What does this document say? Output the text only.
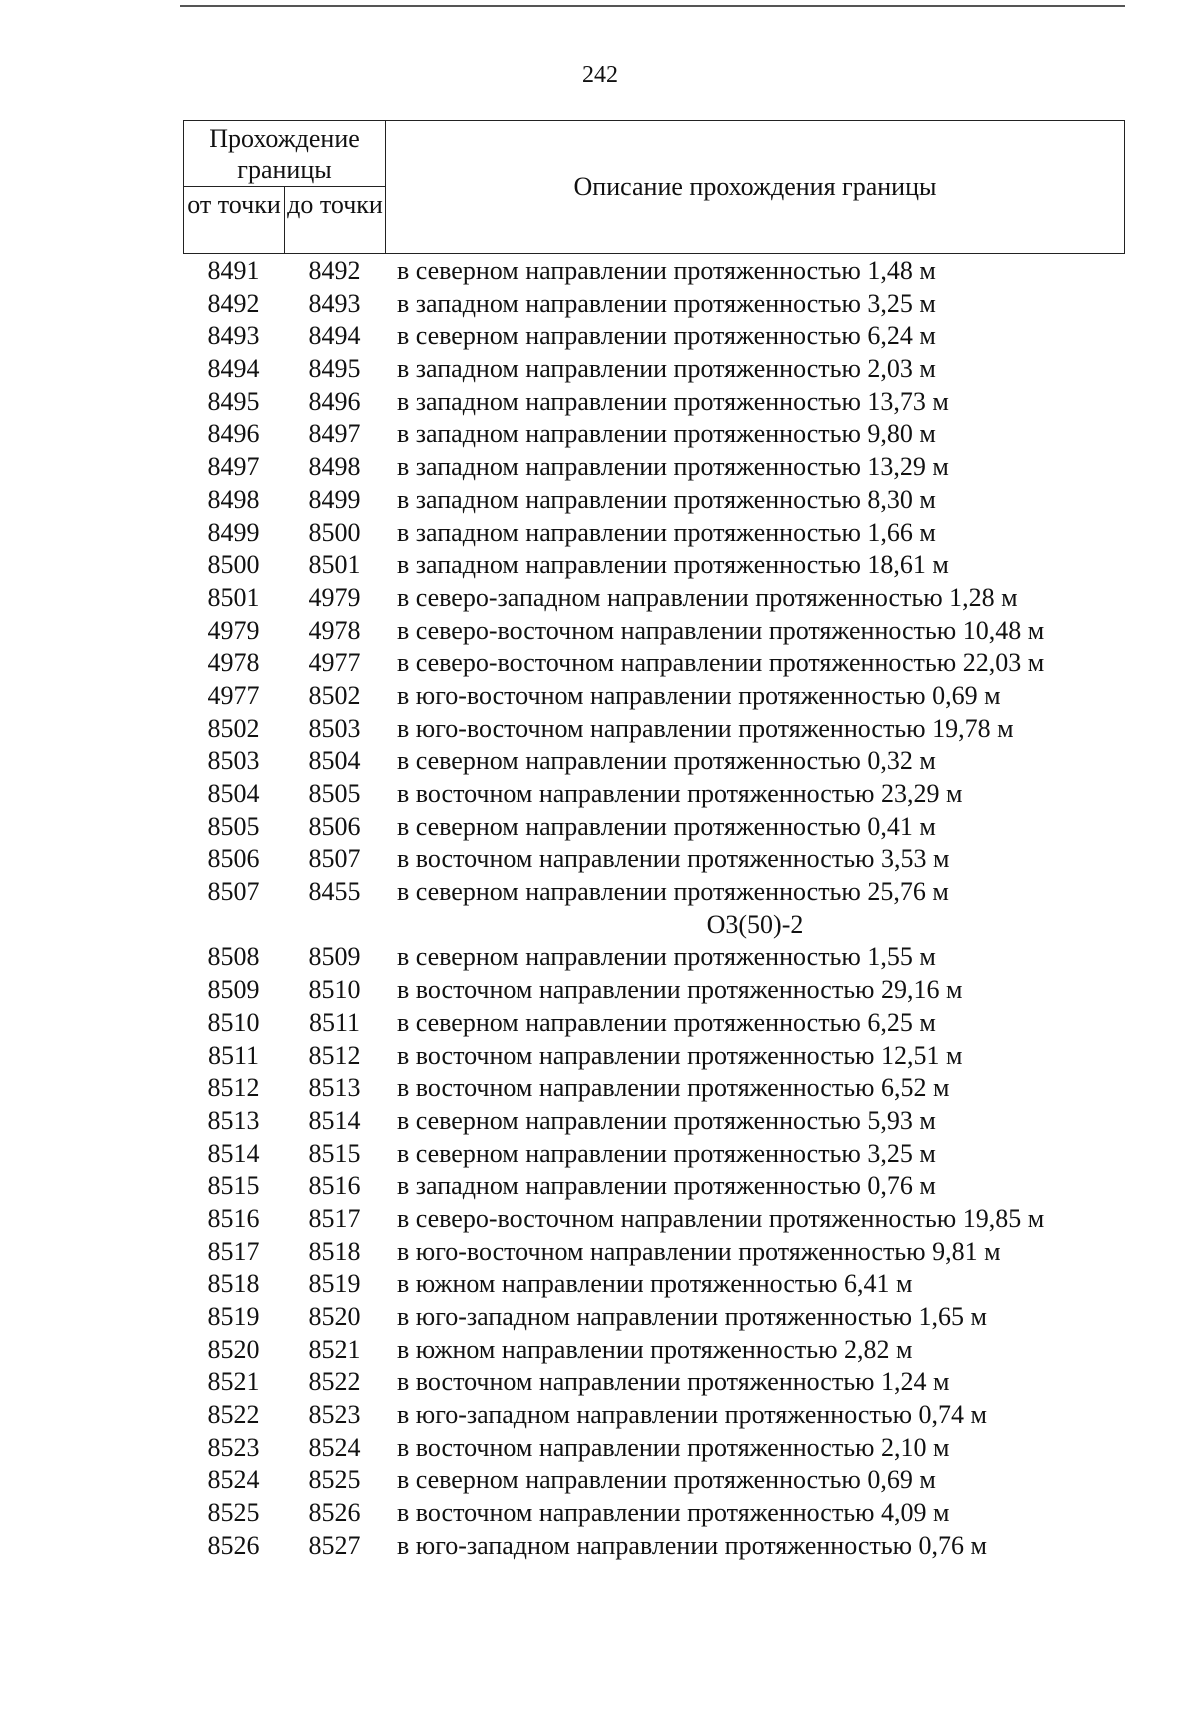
242
Прохождение границы
от точки до точки
Описание прохождения границы
8491	8492	в северном направлении протяженностью 1,48 м
8492	8493	в западном направлении протяженностью 3,25 м
8493	8494	в северном направлении протяженностью 6,24 м
8494	8495	в западном направлении протяженностью 2,03 м
8495	8496	в западном направлении протяженностью 13,73 м
8496	8497	в западном направлении протяженностью 9,80 м
8497	8498	в западном направлении протяженностью 13,29 м
8498	8499	в западном направлении протяженностью 8,30 м
8499	8500	в западном направлении протяженностью 1,66 м
8500	8501	в западном направлении протяженностью 18,61 м
8501	4979	в северо-западном направлении протяженностью 1,28 м
4979	4978	в северо-восточном направлении протяженностью 10,48 м
4978	4977	в северо-восточном направлении протяженностью 22,03 м
4977	8502	в юго-восточном направлении протяженностью 0,69 м
8502	8503	в юго-восточном направлении протяженностью 19,78 м
8503	8504	в северном направлении протяженностью 0,32 м
8504	8505	в восточном направлении протяженностью 23,29 м
8505	8506	в северном направлении протяженностью 0,41 м
8506	8507	в восточном направлении протяженностью 3,53 м
8507	8455	в северном направлении протяженностью 25,76 м
О3(50)-2
8508	8509	в северном направлении протяженностью 1,55 м
8509	8510	в восточном направлении протяженностью 29,16 м
8510	8511	в северном направлении протяженностью 6,25 м
8511	8512	в восточном направлении протяженностью 12,51 м
8512	8513	в восточном направлении протяженностью 6,52 м
8513	8514	в северном направлении протяженностью 5,93 м
8514	8515	в северном направлении протяженностью 3,25 м
8515	8516	в западном направлении протяженностью 0,76 м
8516	8517	в северо-восточном направлении протяженностью 19,85 м
8517	8518	в юго-восточном направлении протяженностью 9,81 м
8518	8519	в южном направлении протяженностью 6,41 м
8519	8520	в юго-западном направлении протяженностью 1,65 м
8520	8521	в южном направлении протяженностью 2,82 м
8521	8522	в восточном направлении протяженностью 1,24 м
8522	8523	в юго-западном направлении протяженностью 0,74 м
8523	8524	в восточном направлении протяженностью 2,10 м
8524	8525	в северном направлении протяженностью 0,69 м
8525	8526	в восточном направлении протяженностью 4,09 м
8526	8527	в юго-западном направлении протяженностью 0,76 м
